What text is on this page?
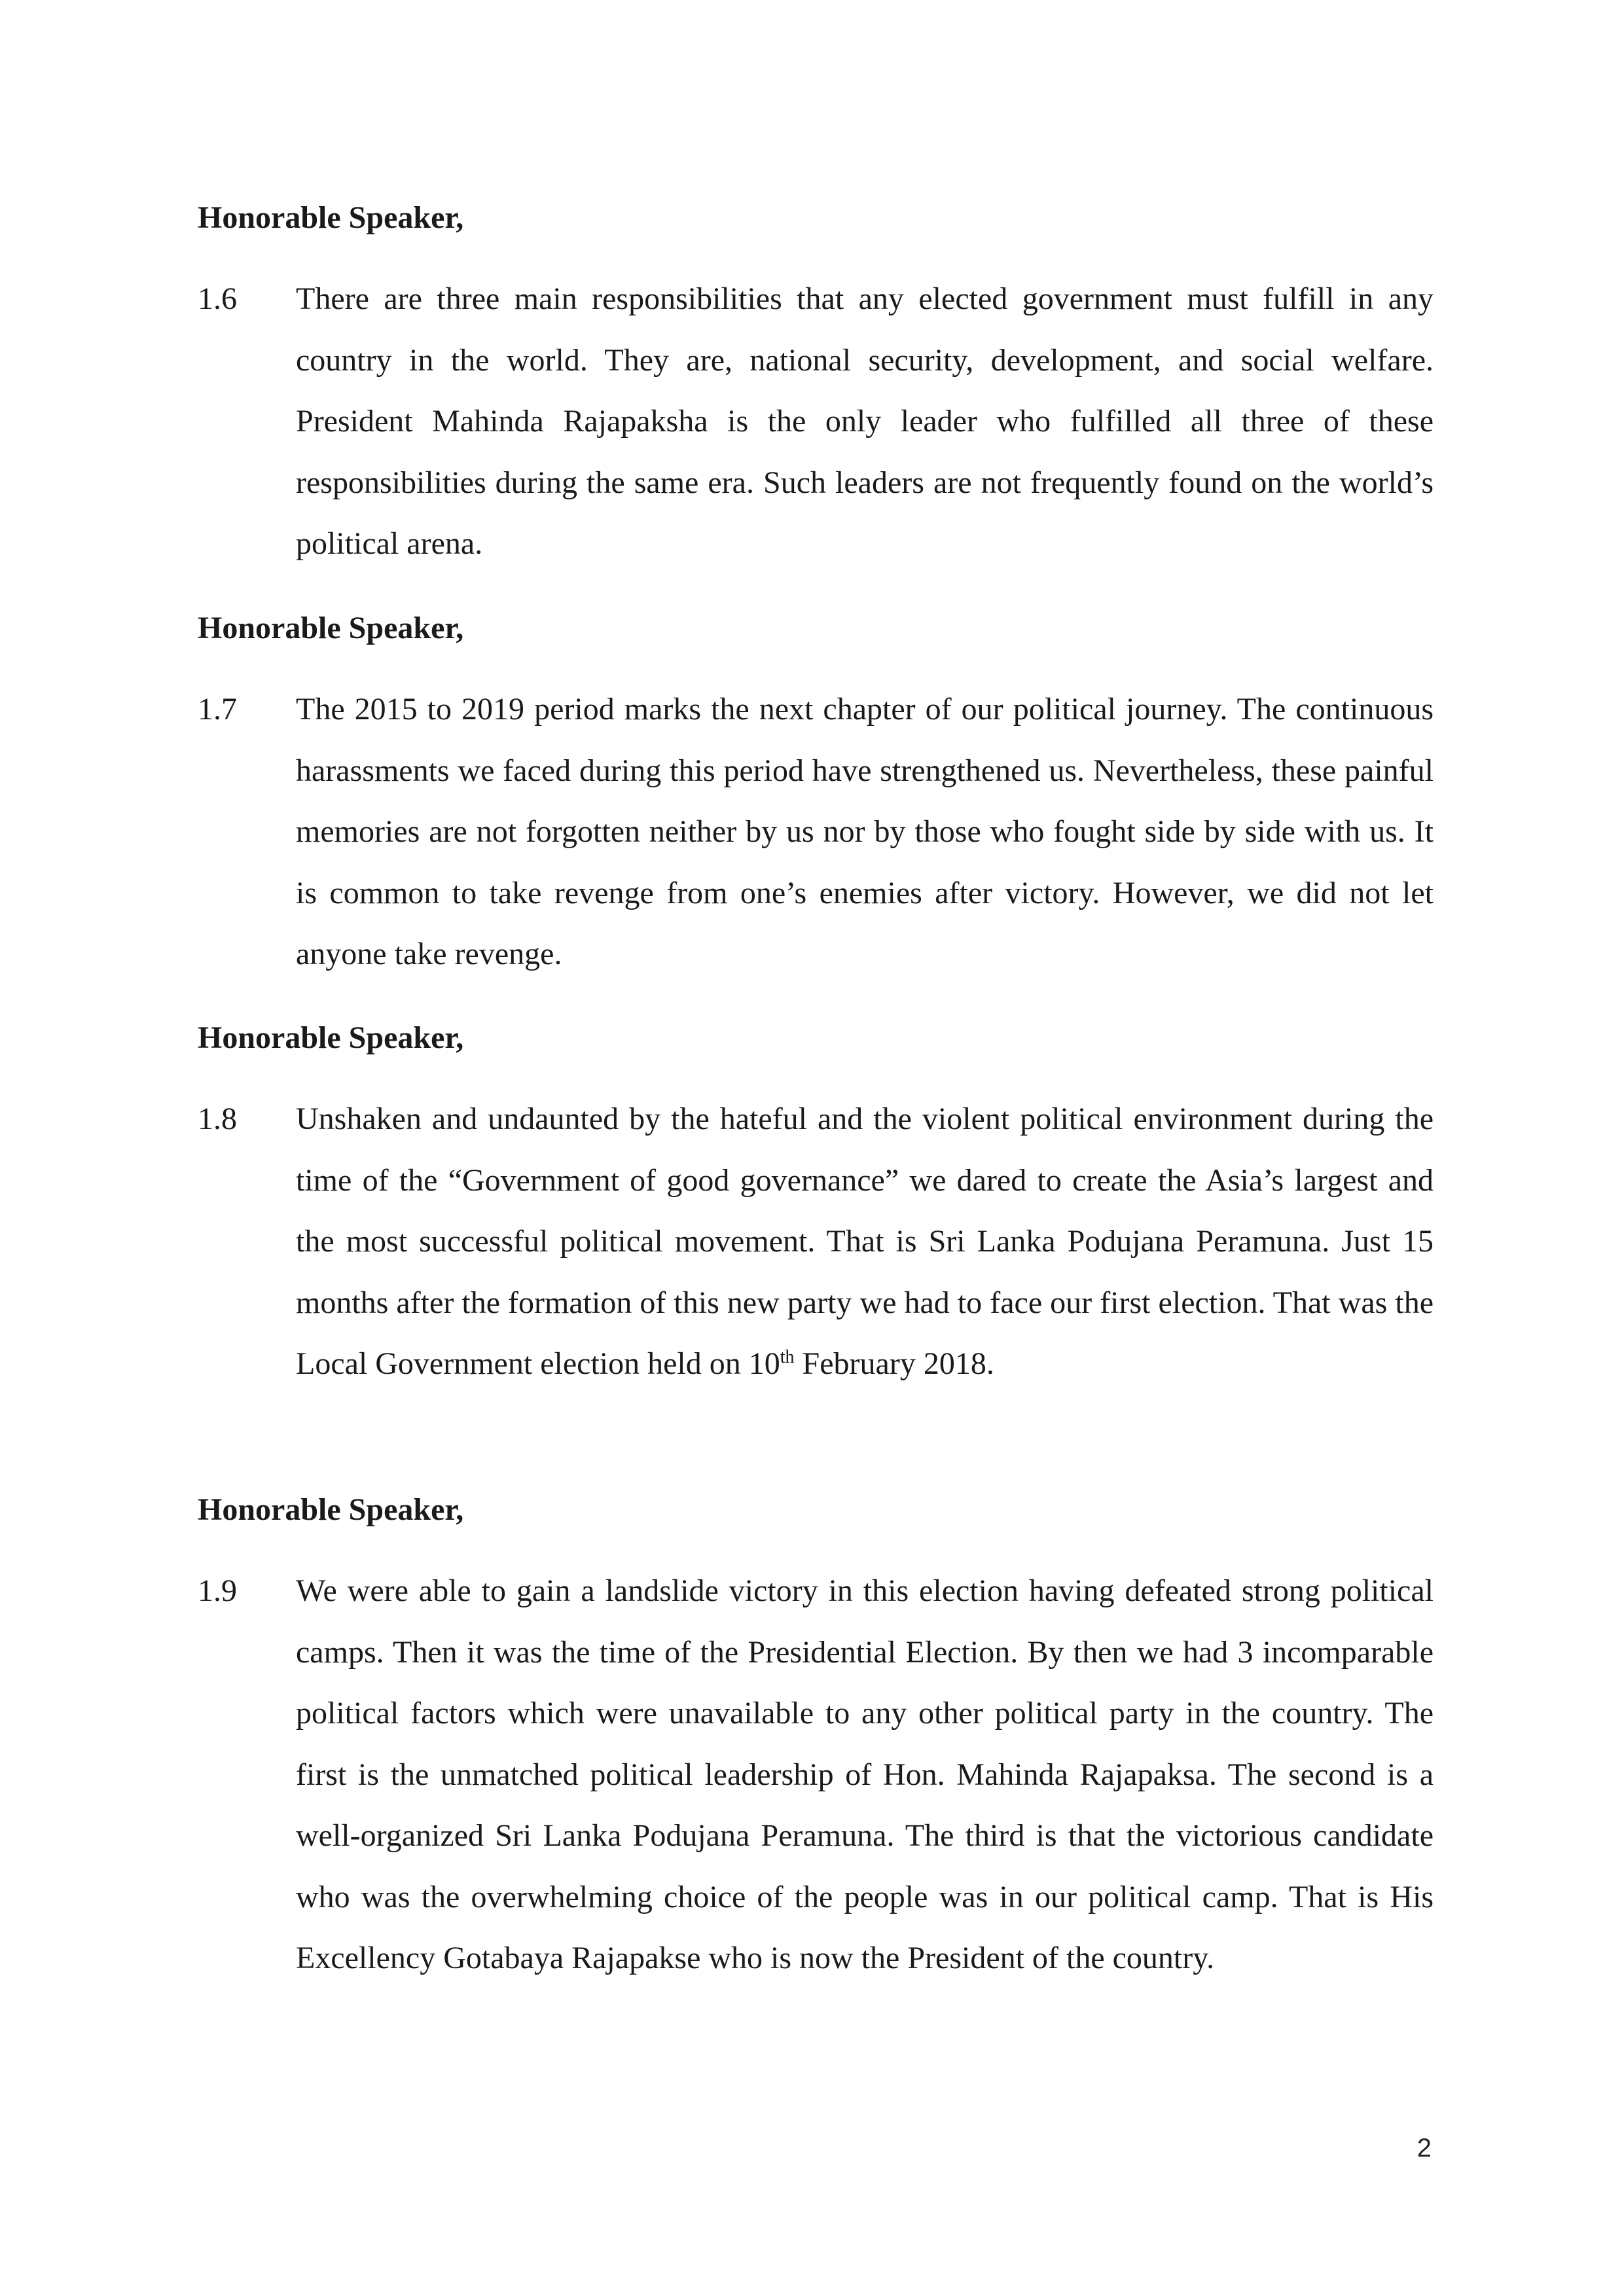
Honorable Speaker,
1.6	There are three main responsibilities that any elected government must fulfill in any country in the world. They are, national security, development, and social welfare. President Mahinda Rajapaksha is the only leader who fulfilled all three of these responsibilities during the same era. Such leaders are not frequently found on the world’s political arena.
Honorable Speaker,
1.7	The 2015 to 2019 period marks the next chapter of our political journey. The continuous harassments we faced during this period have strengthened us. Nevertheless, these painful memories are not forgotten neither by us nor by those who fought side by side with us. It is common to take revenge from one’s enemies after victory. However, we did not let anyone take revenge.
Honorable Speaker,
1.8	Unshaken and undaunted by the hateful and the violent political environment during the time of the “Government of good governance” we dared to create the Asia’s largest and the most successful political movement. That is Sri Lanka Podujana Peramuna. Just 15 months after the formation of this new party we had to face our first election. That was the Local Government election held on 10th February 2018.
Honorable Speaker,
1.9	We were able to gain a landslide victory in this election having defeated strong political camps. Then it was the time of the Presidential Election. By then we had 3 incomparable political factors which were unavailable to any other political party in the country. The first is the unmatched political leadership of Hon. Mahinda Rajapaksa. The second is a well-organized Sri Lanka Podujana Peramuna. The third is that the victorious candidate who was the overwhelming choice of the people was in our political camp. That is His Excellency Gotabaya Rajapakse who is now the President of the country.
2
